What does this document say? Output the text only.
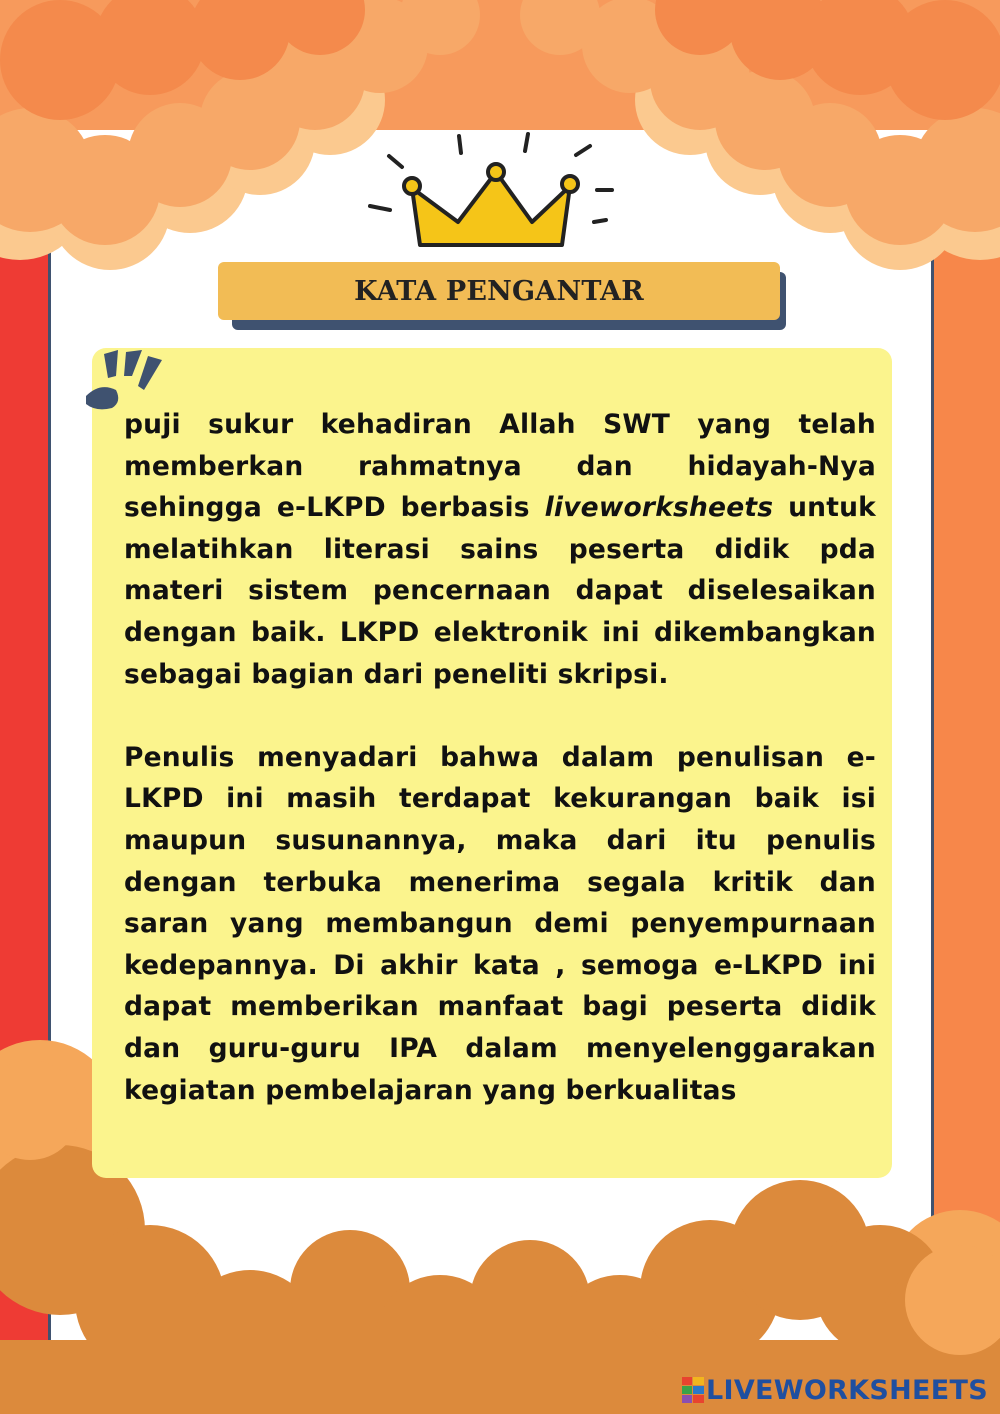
KATA PENGANTAR

puji sukur kehadiran Allah SWT yang telah memberkan rahmatnya dan hidayah-Nya sehingga e-LKPD berbasis liveworksheets untuk melatihkan literasi sains peserta didik pda materi sistem pencernaan dapat diselesaikan dengan baik. LKPD elektronik ini dikembangkan sebagai bagian dari peneliti skripsi.

Penulis menyadari bahwa dalam penulisan e-LKPD ini masih terdapat kekurangan baik isi maupun susunannya, maka dari itu penulis dengan terbuka menerima segala kritik dan saran yang membangun demi penyempurnaan kedepannya. Di akhir kata , semoga e-LKPD ini dapat memberikan manfaat bagi peserta didik dan guru-guru IPA dalam menyelenggarakan kegiatan pembelajaran yang berkualitas

LIVEWORKSHEETS
